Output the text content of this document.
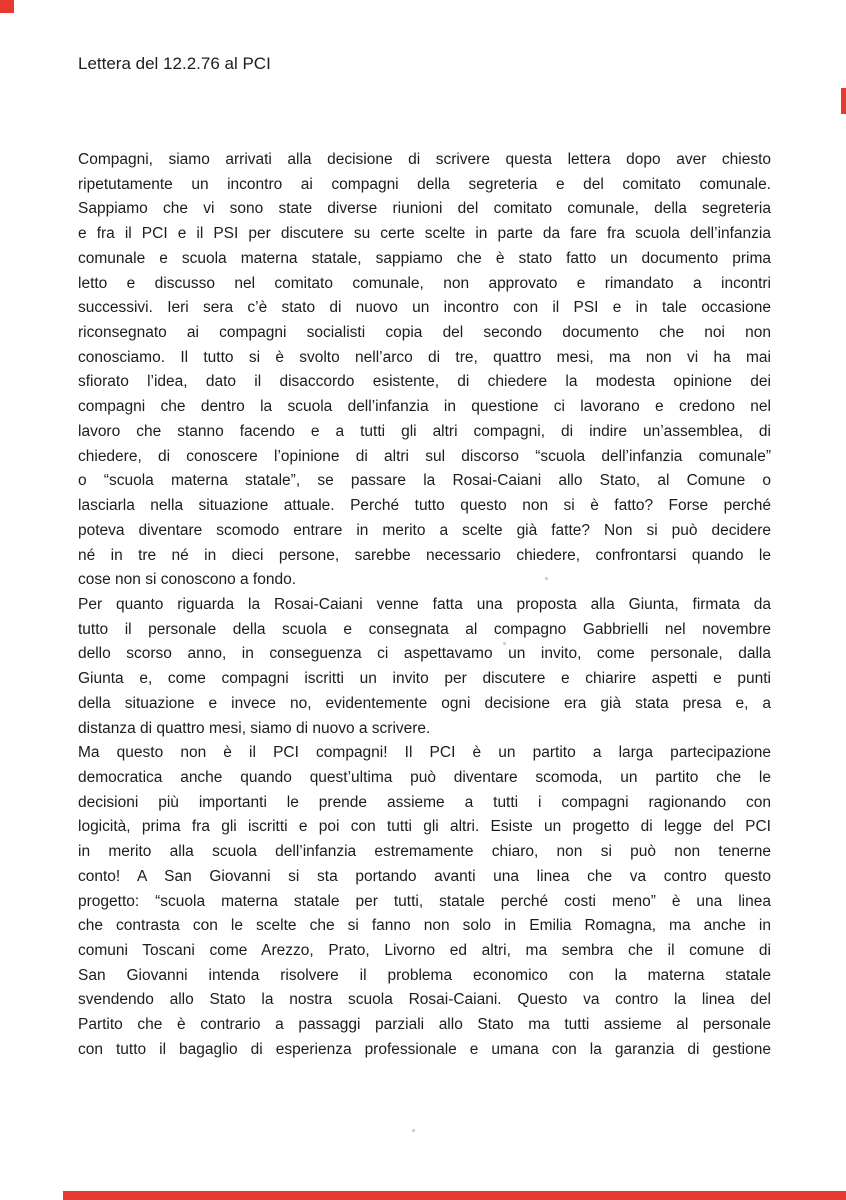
Lettera del 12.2.76 al PCI
Compagni, siamo arrivati alla decisione di scrivere questa lettera dopo aver chiesto
ripetutamente un incontro ai compagni della segreteria e del comitato comunale.
Sappiamo che vi sono state diverse riunioni del comitato comunale, della segreteria
e fra il PCI e il PSI per discutere su certe scelte in parte da fare fra scuola dell’infanzia
comunale e scuola materna statale, sappiamo che è stato fatto un documento prima
letto e discusso nel comitato comunale, non approvato e rimandato a incontri
successivi. Ieri sera c’è stato di nuovo un incontro con il PSI e in tale occasione
riconsegnato ai compagni socialisti copia del secondo documento che noi non
conosciamo. Il tutto si è svolto nell’arco di tre, quattro mesi, ma non vi ha mai
sfiorato l’idea, dato il disaccordo esistente, di chiedere la modesta opinione dei
compagni che dentro la scuola dell’infanzia in questione ci lavorano e credono nel
lavoro che stanno facendo e a tutti gli altri compagni, di indire un’assemblea, di
chiedere, di conoscere l’opinione di altri sul discorso “scuola dell’infanzia comunale”
o “scuola materna statale”, se passare la Rosai-Caiani allo Stato, al Comune o
lasciarla nella situazione attuale. Perché tutto questo non si è fatto? Forse perché
poteva diventare scomodo entrare in merito a scelte già fatte? Non si può decidere
né in tre né in dieci persone, sarebbe necessario chiedere, confrontarsi quando le
cose non si conoscono a fondo.
Per quanto riguarda la Rosai-Caiani venne fatta una proposta alla Giunta, firmata da
tutto il personale della scuola e consegnata al compagno Gabbrielli nel novembre
dello scorso anno, in conseguenza ci aspettavamo un invito, come personale, dalla
Giunta e, come compagni iscritti un invito per discutere e chiarire aspetti e punti
della situazione e invece no, evidentemente ogni decisione era già stata presa e, a
distanza di quattro mesi, siamo di nuovo a scrivere.
Ma questo non è il PCI compagni! Il PCI è un partito a larga partecipazione
democratica anche quando quest’ultima può diventare scomoda, un partito che le
decisioni più importanti le prende assieme a tutti i compagni ragionando con
logicità, prima fra gli iscritti e poi con tutti gli altri. Esiste un progetto di legge del PCI
in merito alla scuola dell’infanzia estremamente chiaro, non si può non tenerne
conto! A San Giovanni si sta portando avanti una linea che va contro questo
progetto: “scuola materna statale per tutti, statale perché costi meno” è una linea
che contrasta con le scelte che si fanno non solo in Emilia Romagna, ma anche in
comuni Toscani come Arezzo, Prato, Livorno ed altri, ma sembra che il comune di
San Giovanni intenda risolvere il problema economico con la materna statale
svendendo allo Stato la nostra scuola Rosai-Caiani. Questo va contro la linea del
Partito che è contrario a passaggi parziali allo Stato ma tutti assieme al personale
con tutto il bagaglio di esperienza professionale e umana con la garanzia di gestione
